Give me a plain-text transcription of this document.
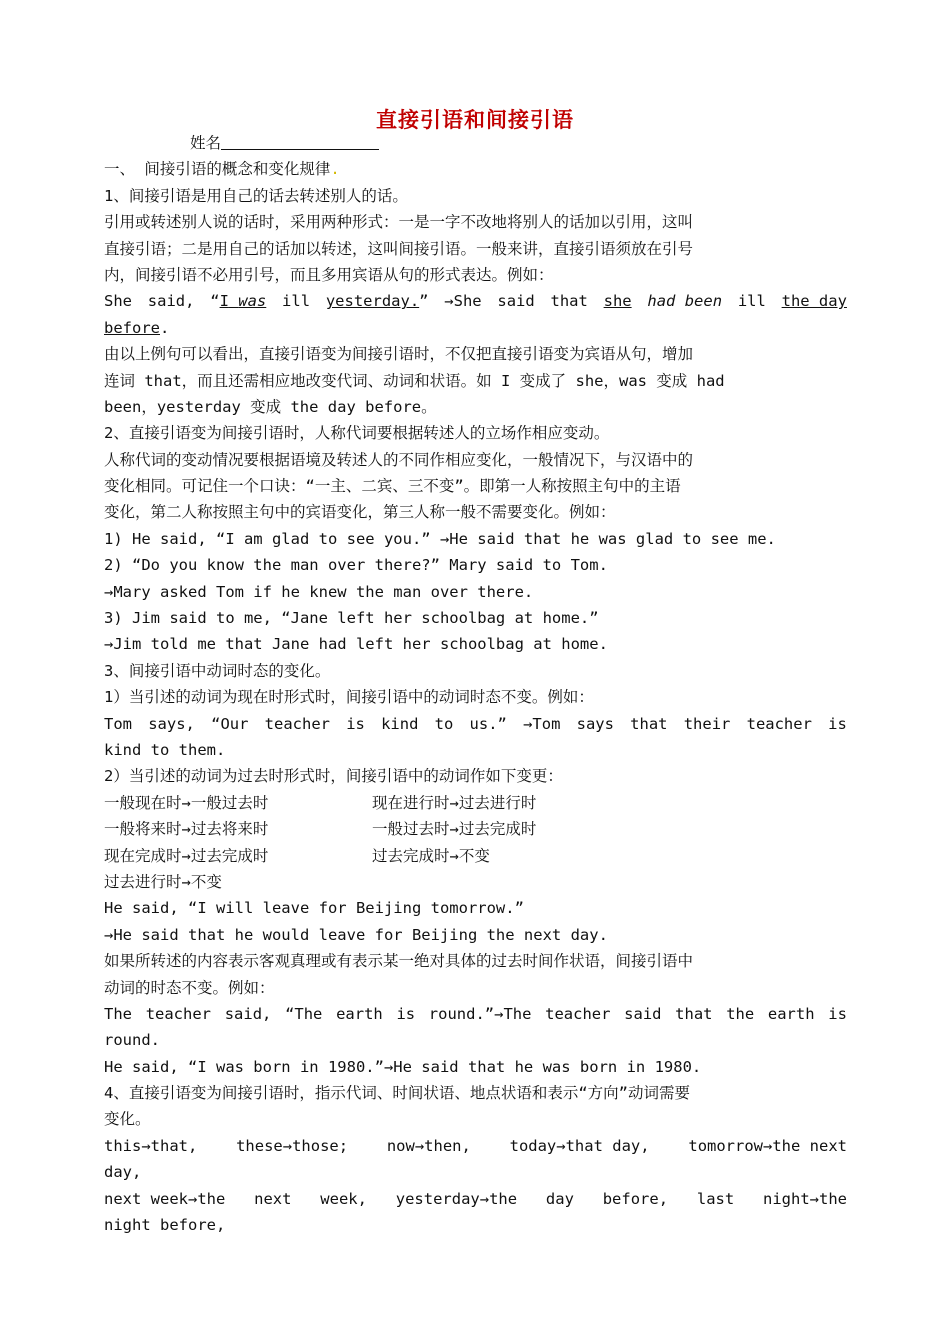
直接引语和间接引语
姓名
一、 间接引语的概念和变化规律.
1、间接引语是用自己的话去转述别人的话。
引用或转述别人说的话时，采用两种形式：一是一字不改地将别人的话加以引用，这叫
直接引语；二是用自己的话加以转述，这叫间接引语。一般来讲，直接引语须放在引号
内，间接引语不必用引号，而且多用宾语从句的形式表达。例如：
She said, “I was ill yesterday.” →She said that she had been ill the day
before.
由以上例句可以看出，直接引语变为间接引语时，不仅把直接引语变为宾语从句，增加
连词 that，而且还需相应地改变代词、动词和状语。如 I 变成了 she，was 变成 had
been，yesterday 变成 the day before。
2、直接引语变为间接引语时，人称代词要根据转述人的立场作相应变动。
人称代词的变动情况要根据语境及转述人的不同作相应变化，一般情况下，与汉语中的
变化相同。可记住一个口诀：“一主、二宾、三不变”。即第一人称按照主句中的主语
变化，第二人称按照主句中的宾语变化，第三人称一般不需要变化。例如：
1) He said, “I am glad to see you.” →He said that he was glad to see me.
2) “Do you know the man over there?” Mary said to Tom.
→Mary asked Tom if he knew the man over there.
3) Jim said to me, “Jane left her schoolbag at home.”
→Jim told me that Jane had left her schoolbag at home.
3、间接引语中动词时态的变化。
1）当引述的动词为现在时形式时，间接引语中的动词时态不变。例如：
Tom says, “Our teacher is kind to us.” →Tom says that their teacher is
kind to them.
2）当引述的动词为过去时形式时，间接引语中的动词作如下变更：
一般现在时→一般过去时	现在进行时→过去进行时
一般将来时→过去将来时	一般过去时→过去完成时
现在完成时→过去完成时	过去完成时→不变
过去进行时→不变
He said, “I will leave for Beijing tomorrow.”
→He said that he would leave for Beijing the next day.
如果所转述的内容表示客观真理或有表示某一绝对具体的过去时间作状语，间接引语中
动词的时态不变。例如：
The teacher said, “The earth is round.”→The teacher said that the earth is
round.
He said, “I was born in 1980.”→He said that he was born in 1980.
4、直接引语变为间接引语时，指示代词、时间状语、地点状语和表示“方向”动词需要
变化。
this→that,	these→those;	now→then,	today→that day,	tomorrow→the next
day,
next week→the next week, yesterday→the day before, last night→the
night before,
